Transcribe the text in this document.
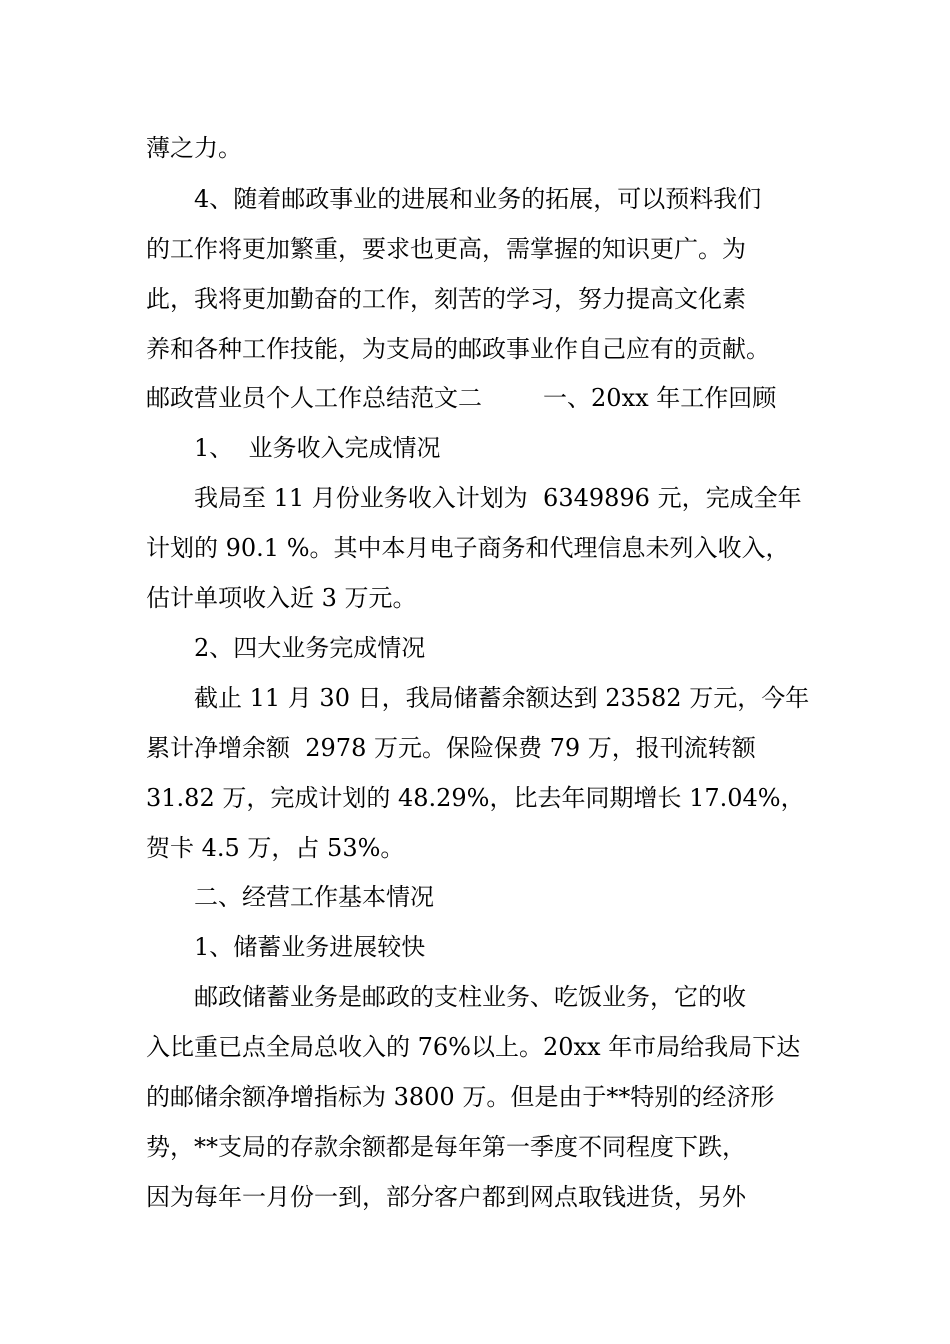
薄之力。
4、随着邮政事业的进展和业务的拓展，可以预料我们
的工作将更加繁重，要求也更高，需掌握的知识更广。为
此，我将更加勤奋的工作，刻苦的学习，努力提高文化素
养和各种工作技能，为支局的邮政事业作自己应有的贡献。
邮政营业员个人工作总结范文二        一、20xx 年工作回顾
1、  业务收入完成情况
我局至 11 月份业务收入计划为  6349896 元，完成全年
计划的 90.1 %。其中本月电子商务和代理信息未列入收入，
估计单项收入近 3 万元。
2、四大业务完成情况
截止 11 月 30 日，我局储蓄余额达到 23582 万元，今年
累计净增余额  2978 万元。保险保费 79 万，报刊流转额
31.82 万，完成计划的 48.29%，比去年同期增长 17.04%，
贺卡 4.5 万，占 53%。
二、经营工作基本情况
1、储蓄业务进展较快
邮政储蓄业务是邮政的支柱业务、吃饭业务，它的收
入比重已点全局总收入的 76%以上。20xx 年市局给我局下达
的邮储余额净增指标为 3800 万。但是由于**特别的经济形
势，**支局的存款余额都是每年第一季度不同程度下跌，
因为每年一月份一到，部分客户都到网点取钱进货，另外
